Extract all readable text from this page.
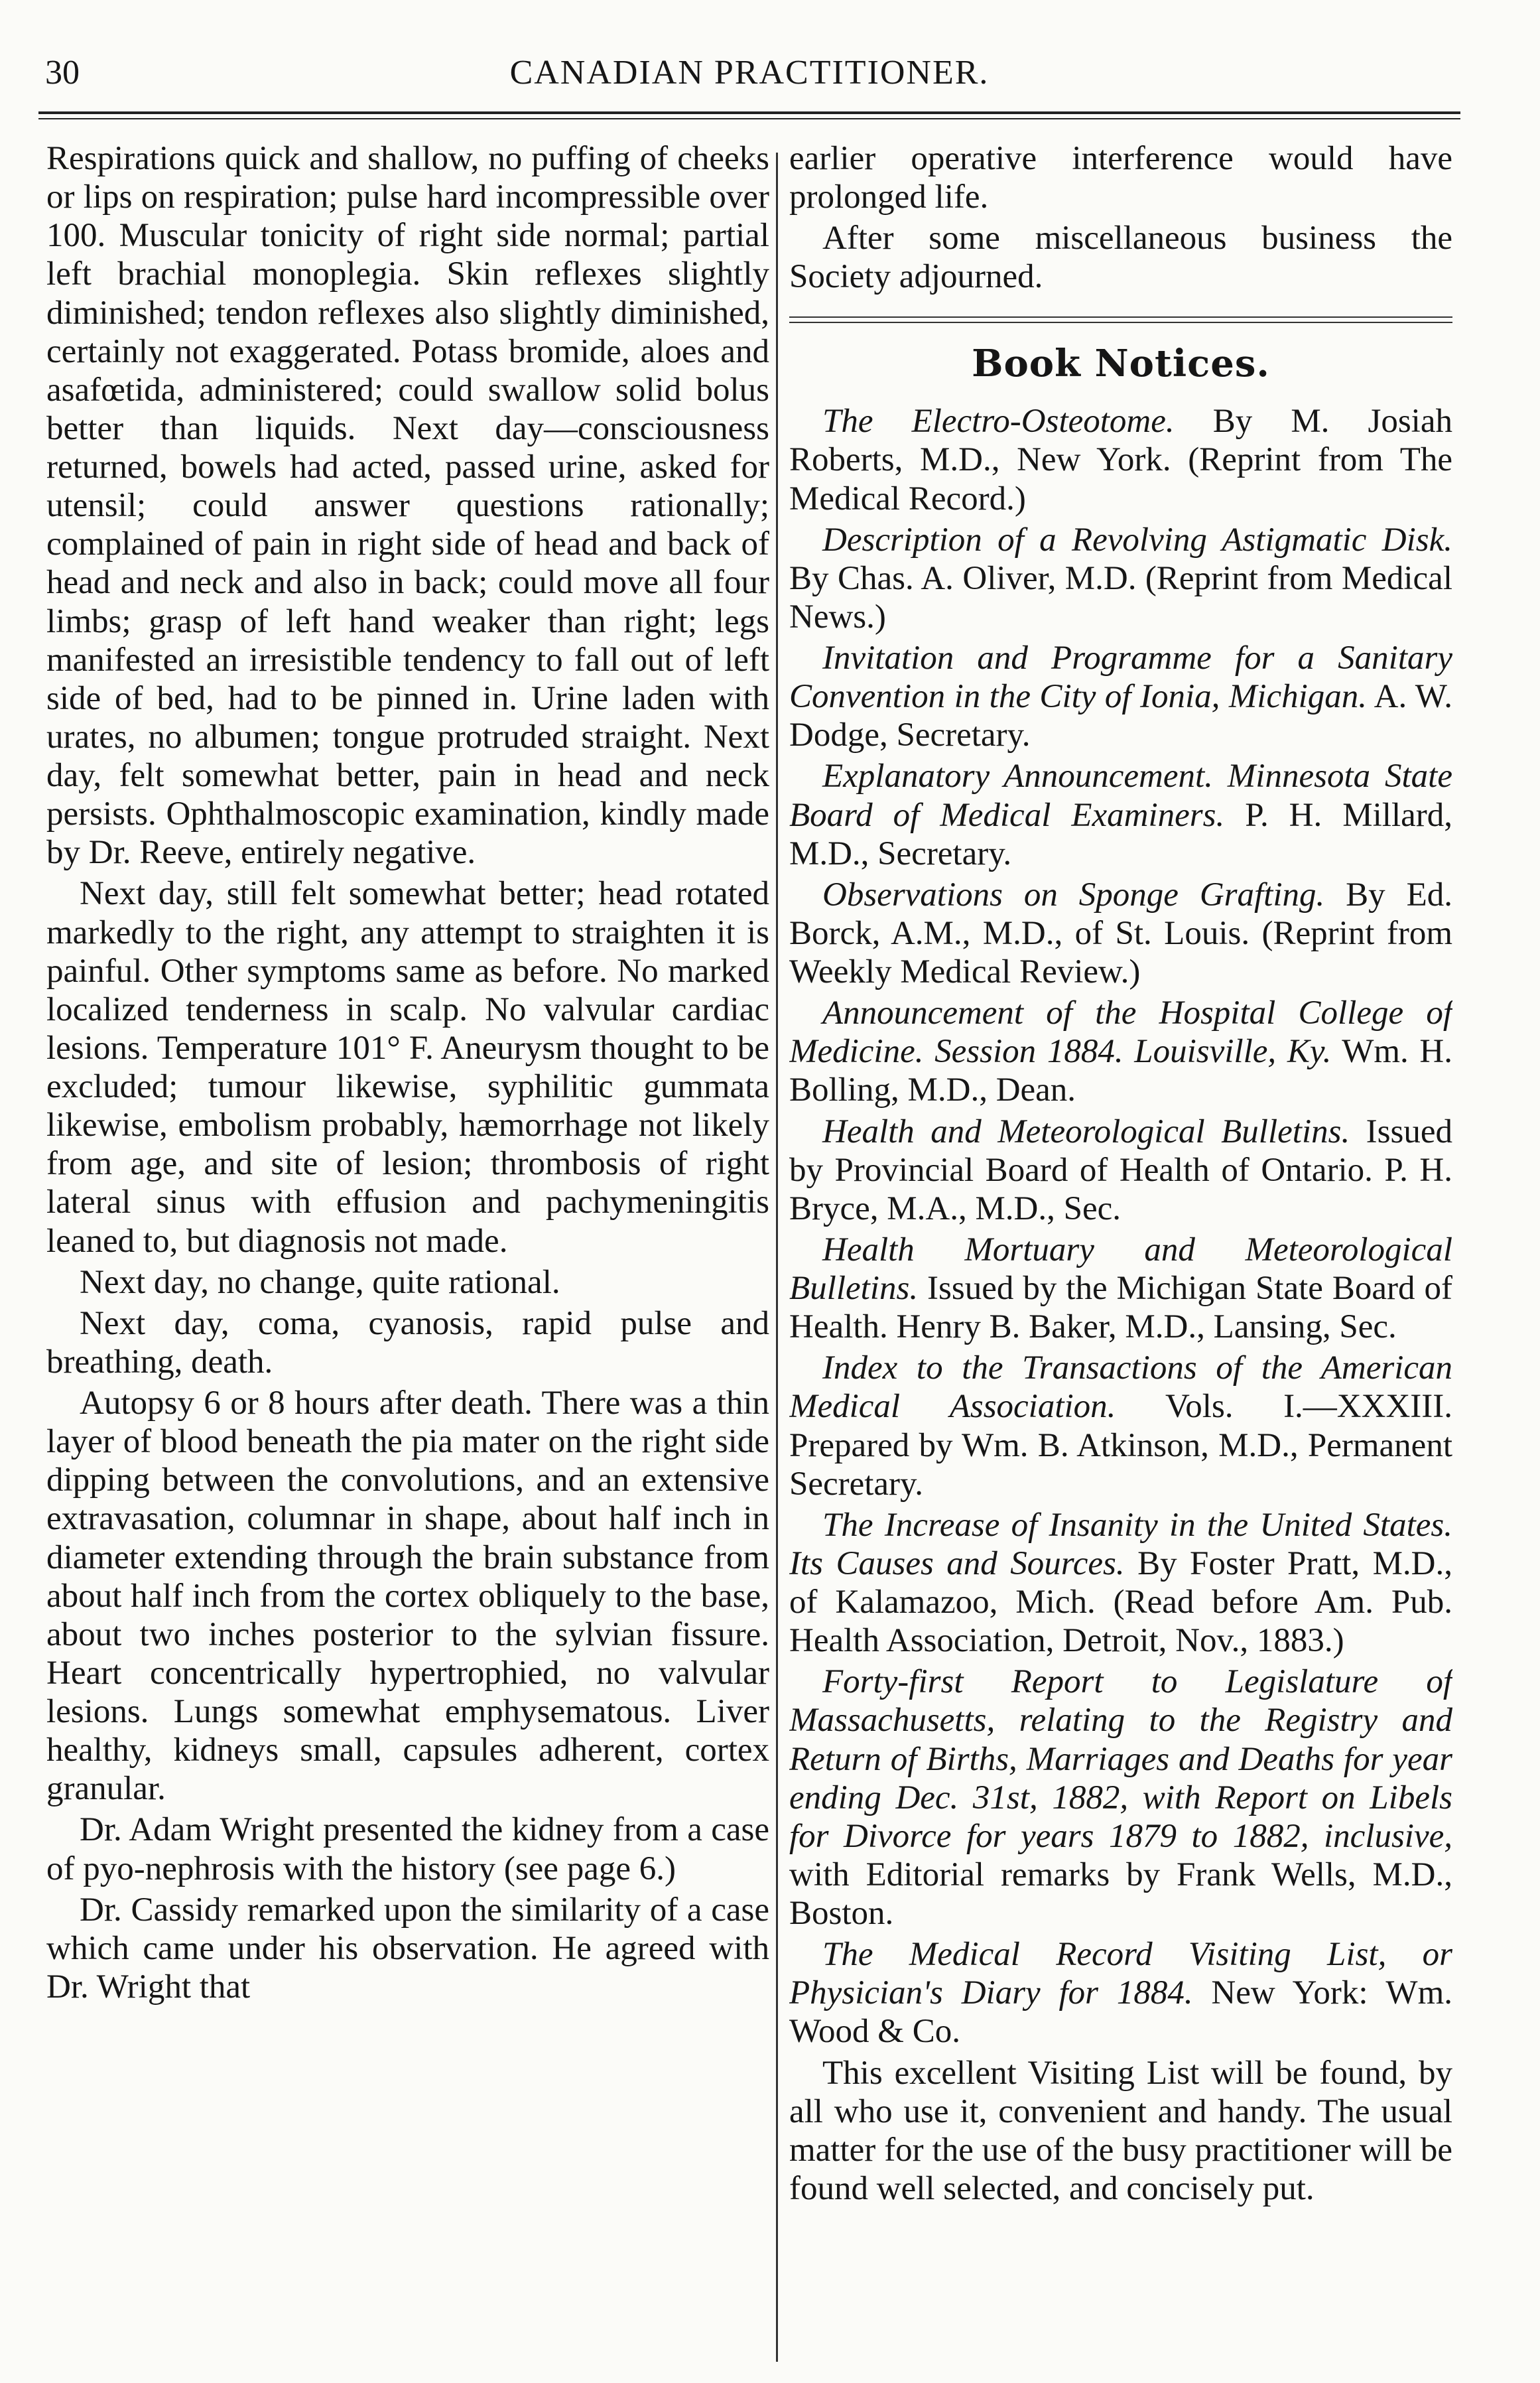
30	CANADIAN PRACTITIONER.

Respirations quick and shallow, no puffing of cheeks or lips on respiration; pulse hard incompressible over 100. Muscular tonicity of right side normal; partial left brachial monoplegia. Skin reflexes slightly diminished; tendon reflexes also slightly diminished, certainly not exaggerated. Potass bromide, aloes and asafœtida, administered; could swallow solid bolus better than liquids. Next day—consciousness returned, bowels had acted, passed urine, asked for utensil; could answer questions rationally; complained of pain in right side of head and back of head and neck and also in back; could move all four limbs; grasp of left hand weaker than right; legs manifested an irresistible tendency to fall out of left side of bed, had to be pinned in. Urine laden with urates, no albumen; tongue protruded straight. Next day, felt somewhat better, pain in head and neck persists. Ophthalmoscopic examination, kindly made by Dr. Reeve, entirely negative.

Next day, still felt somewhat better; head rotated markedly to the right, any attempt to straighten it is painful. Other symptoms same as before. No marked localized tenderness in scalp. No valvular cardiac lesions. Temperature 101° F. Aneurysm thought to be excluded; tumour likewise, syphilitic gummata likewise, embolism probably, hæmorrhage not likely from age, and site of lesion; thrombosis of right lateral sinus with effusion and pachymeningitis leaned to, but diagnosis not made.

Next day, no change, quite rational.

Next day, coma, cyanosis, rapid pulse and breathing, death.

Autopsy 6 or 8 hours after death. There was a thin layer of blood beneath the pia mater on the right side dipping between the convolutions, and an extensive extravasation, columnar in shape, about half inch in diameter extending through the brain substance from about half inch from the cortex obliquely to the base, about two inches posterior to the sylvian fissure. Heart concentrically hypertrophied, no valvular lesions. Lungs somewhat emphysematous. Liver healthy, kidneys small, capsules adherent, cortex granular.

Dr. Adam Wright presented the kidney from a case of pyo-nephrosis with the history (see page 6.)

Dr. Cassidy remarked upon the similarity of a case which came under his observation. He agreed with Dr. Wright that

earlier operative interference would have prolonged life.

After some miscellaneous business the Society adjourned.

Book Notices.

The Electro-Osteotome. By M. Josiah Roberts, M.D., New York. (Reprint from The Medical Record.)

Description of a Revolving Astigmatic Disk. By Chas. A. Oliver, M.D. (Reprint from Medical News.)

Invitation and Programme for a Sanitary Convention in the City of Ionia, Michigan. A. W. Dodge, Secretary.

Explanatory Announcement. Minnesota State Board of Medical Examiners. P. H. Millard, M.D., Secretary.

Observations on Sponge Grafting. By Ed. Borck, A.M., M.D., of St. Louis. (Reprint from Weekly Medical Review.)

Announcement of the Hospital College of Medicine. Session 1884. Louisville, Ky. Wm. H. Bolling, M.D., Dean.

Health and Meteorological Bulletins. Issued by Provincial Board of Health of Ontario. P. H. Bryce, M.A., M.D., Sec.

Health Mortuary and Meteorological Bulletins. Issued by the Michigan State Board of Health. Henry B. Baker, M.D., Lansing, Sec.

Index to the Transactions of the American Medical Association. Vols. I.—XXXIII. Prepared by Wm. B. Atkinson, M.D., Permanent Secretary.

The Increase of Insanity in the United States. Its Causes and Sources. By Foster Pratt, M.D., of Kalamazoo, Mich. (Read before Am. Pub. Health Association, Detroit, Nov., 1883.)

Forty-first Report to Legislature of Massachusetts, relating to the Registry and Return of Births, Marriages and Deaths for year ending Dec. 31st, 1882, with Report on Libels for Divorce for years 1879 to 1882, inclusive, with Editorial remarks by Frank Wells, M.D., Boston.

The Medical Record Visiting List, or Physician's Diary for 1884. New York: Wm. Wood & Co.

This excellent Visiting List will be found, by all who use it, convenient and handy. The usual matter for the use of the busy practitioner will be found well selected, and concisely put.
